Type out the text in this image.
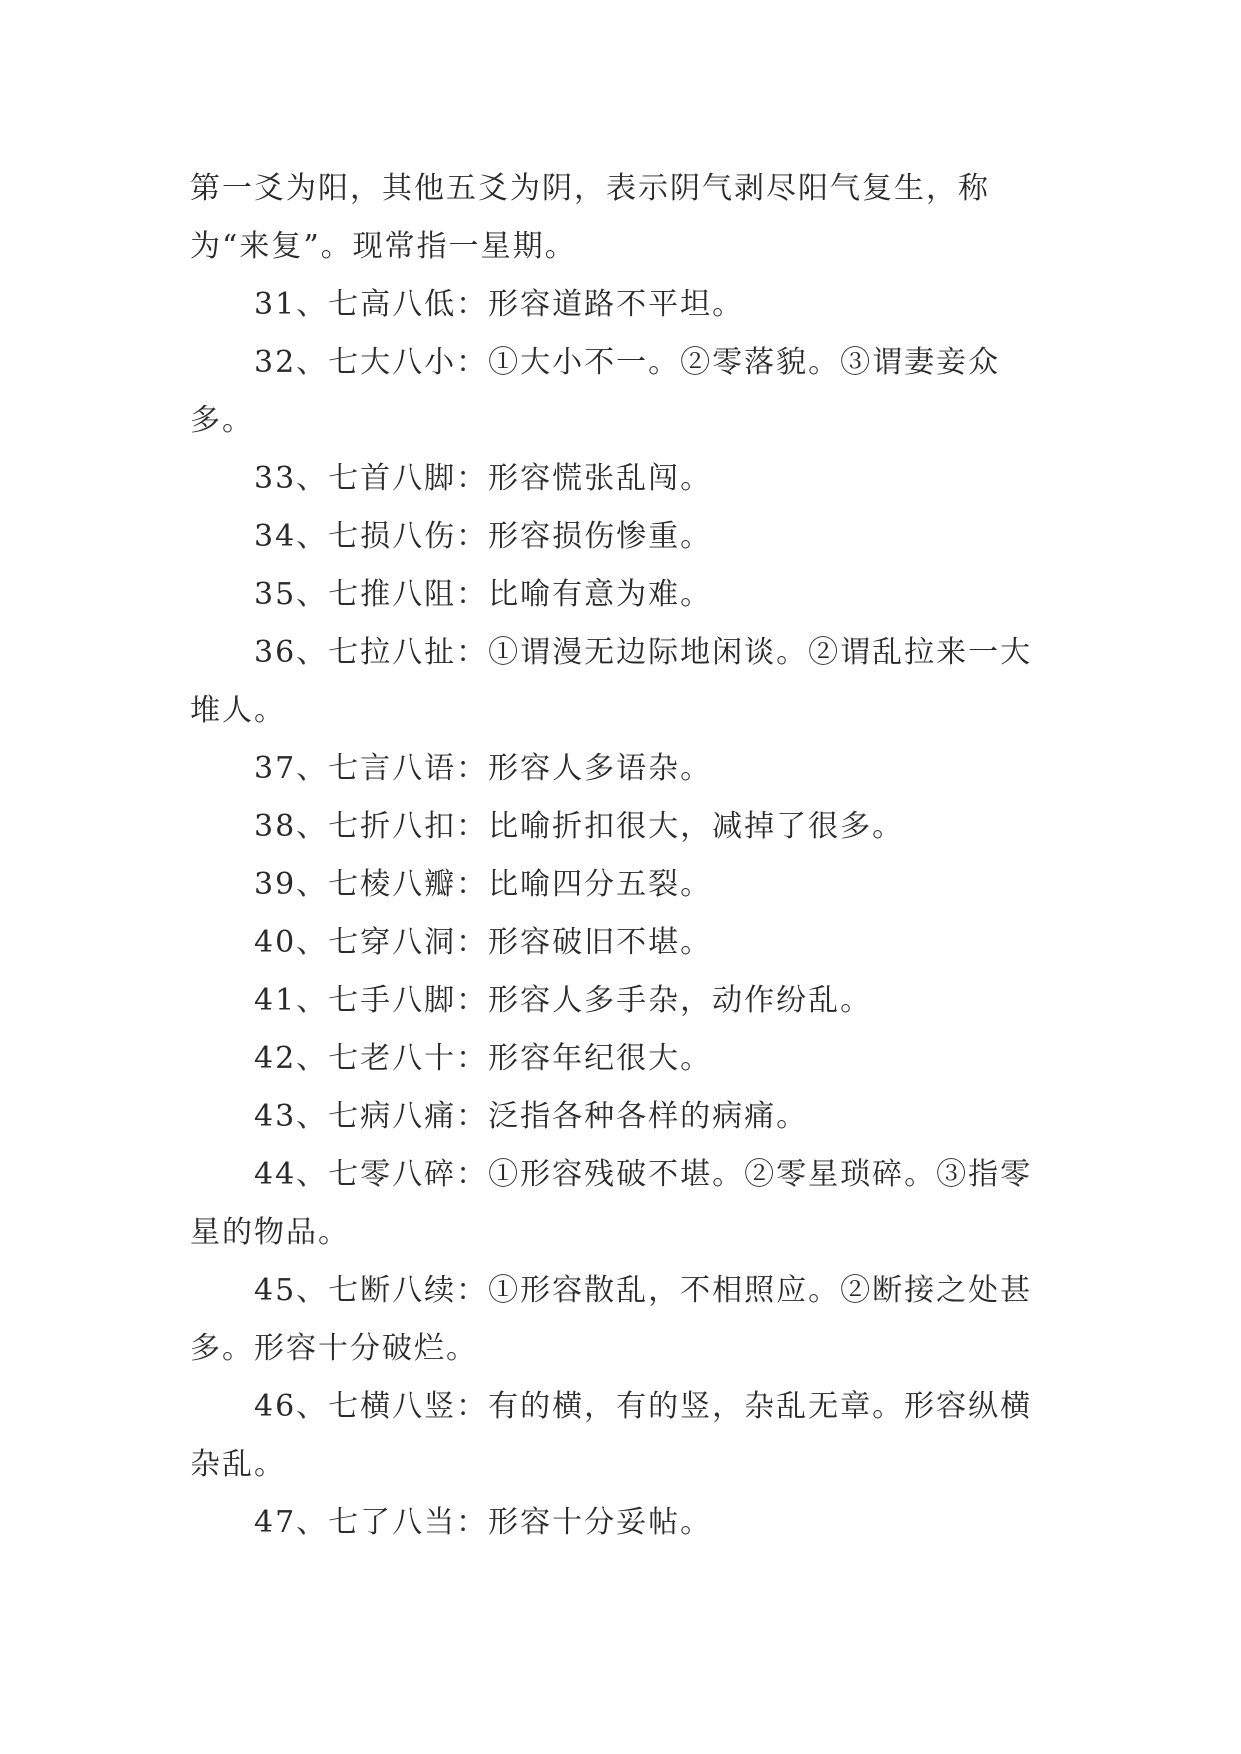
第一爻为阳，其他五爻为阴，表示阴气剥尽阳气复生，称为“来复”。现常指一星期。

31、七高八低：形容道路不平坦。

32、七大八小：①大小不一。②零落貌。③谓妻妾众多。

33、七首八脚：形容慌张乱闯。

34、七损八伤：形容损伤惨重。

35、七推八阻：比喻有意为难。

36、七拉八扯：①谓漫无边际地闲谈。②谓乱拉来一大堆人。

37、七言八语：形容人多语杂。

38、七折八扣：比喻折扣很大，减掉了很多。

39、七棱八瓣：比喻四分五裂。

40、七穿八洞：形容破旧不堪。

41、七手八脚：形容人多手杂，动作纷乱。

42、七老八十：形容年纪很大。

43、七病八痛：泛指各种各样的病痛。

44、七零八碎：①形容残破不堪。②零星琐碎。③指零星的物品。

45、七断八续：①形容散乱，不相照应。②断接之处甚多。形容十分破烂。

46、七横八竖：有的横，有的竖，杂乱无章。形容纵横杂乱。

47、七了八当：形容十分妥帖。
